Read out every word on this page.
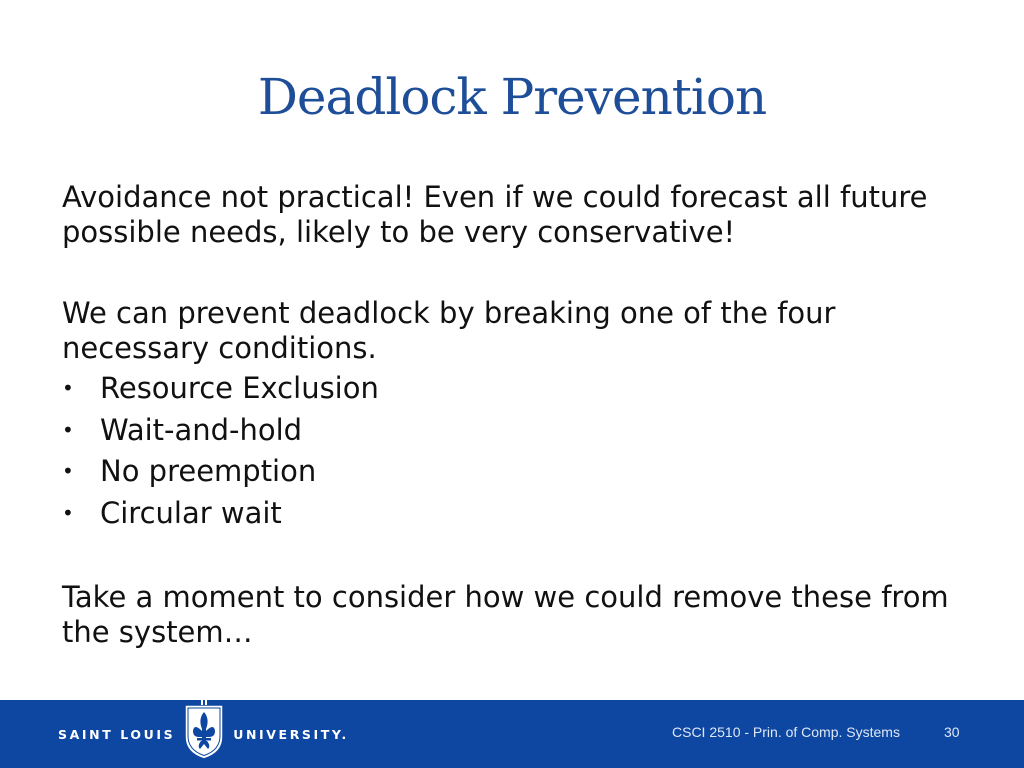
Deadlock Prevention

Avoidance not practical! Even if we could forecast all future possible needs, likely to be very conservative!

We can prevent deadlock by breaking one of the four necessary conditions.

• Resource Exclusion
• Wait-and-hold
• No preemption
• Circular wait

Take a moment to consider how we could remove these from the system…

SAINT LOUIS	UNIVERSITY.	CSCI 2510 - Prin. of Comp. Systems	30
